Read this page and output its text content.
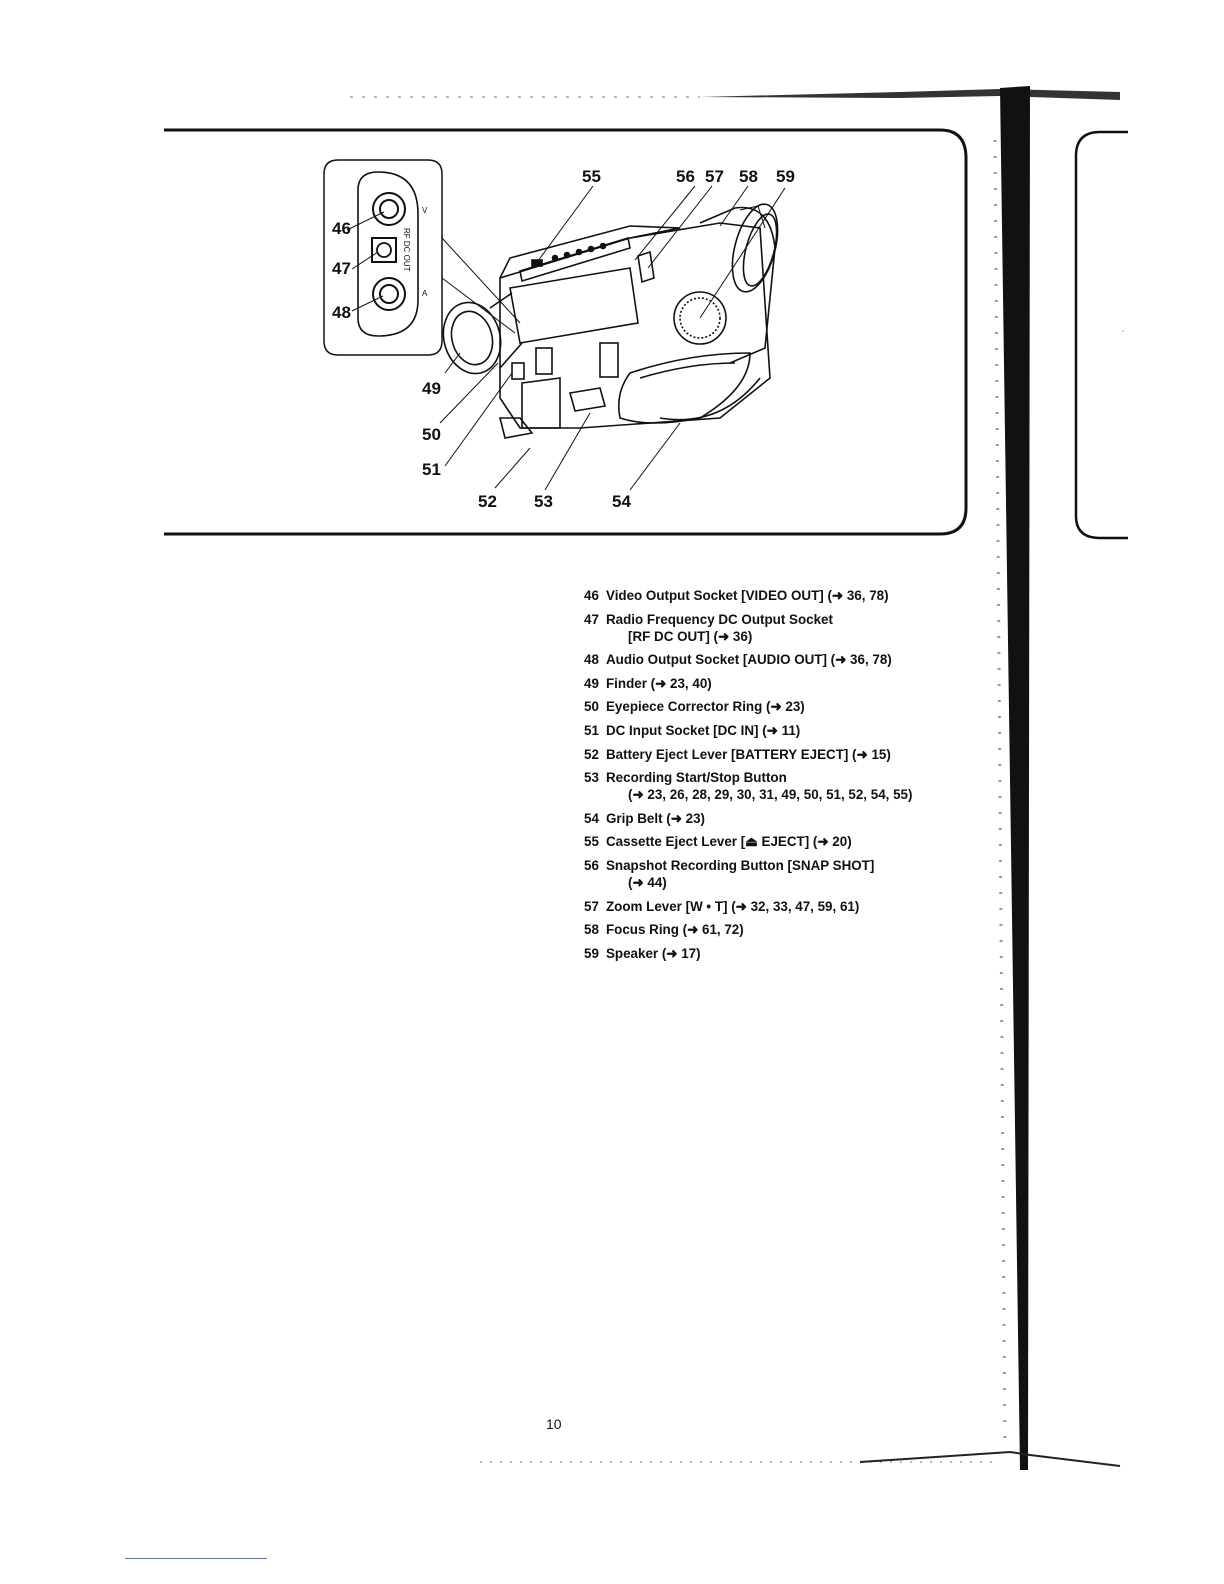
˙
V
A
RF DC OUT
46
47
48
49
50
51
52 53	54
55	56 57 58 59
46 Video Output Socket [VIDEO OUT] (➜ 36, 78)
47 Radio Frequency DC Output Socket
[RF DC OUT] (➜ 36)
48 Audio Output Socket [AUDIO OUT] (➜ 36, 78)
49 Finder (➜ 23, 40)
50 Eyepiece Corrector Ring (➜ 23)
51 DC Input Socket [DC IN] (➜ 11)
52 Battery Eject Lever [BATTERY EJECT] (➜ 15)
53 Recording Start/Stop Button
(➜ 23, 26, 28, 29, 30, 31, 49, 50, 51, 52, 54, 55)
54 Grip Belt (➜ 23)
55 Cassette Eject Lever [⏏ EJECT] (➜ 20)
56 Snapshot Recording Button [SNAP SHOT]
(➜ 44)
57 Zoom Lever [W • T] (➜ 32, 33, 47, 59, 61)
58 Focus Ring (➜ 61, 72)
59 Speaker (➜ 17)
10
